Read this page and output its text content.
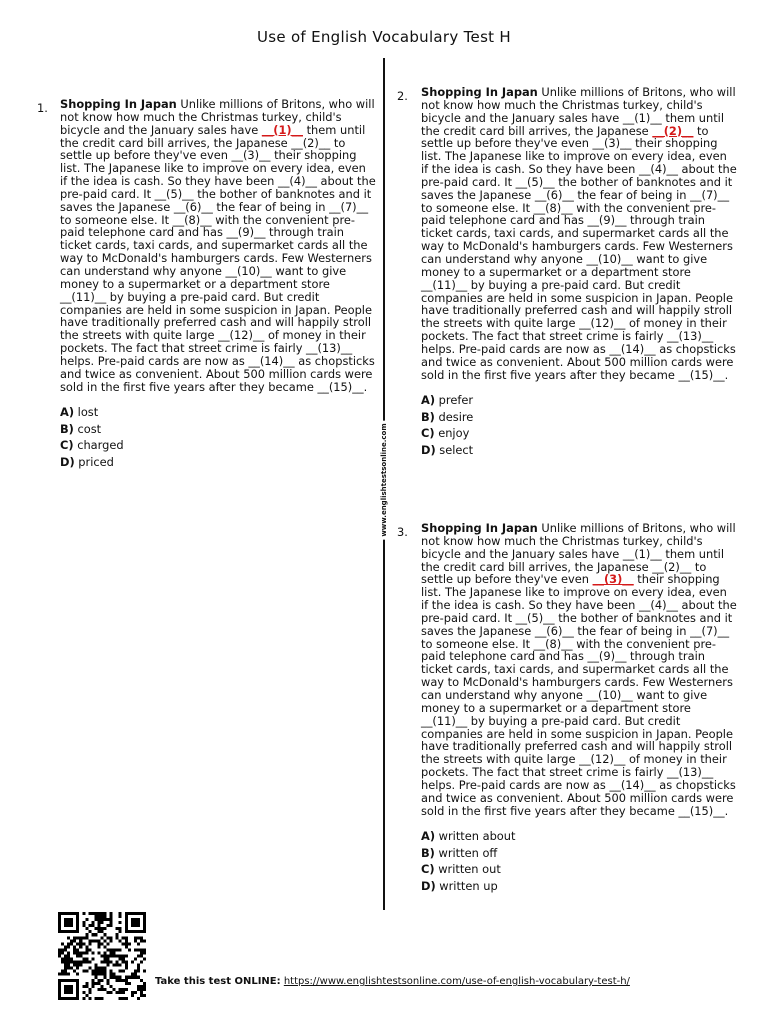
Use of English Vocabulary Test H
www.englishtestsonline.com
1. Shopping In Japan Unlike millions of Britons, who will not know how much the Christmas turkey, child's bicycle and the January sales have __(1)__ them until the credit card bill arrives, the Japanese __(2)__ to settle up before they've even __(3)__ their shopping list. The Japanese like to improve on every idea, even if the idea is cash. So they have been __(4)__ about the pre-paid card. It __(5)__ the bother of banknotes and it saves the Japanese __(6)__ the fear of being in __(7)__ to someone else. It __(8)__ with the convenient pre-paid telephone card and has __(9)__ through train ticket cards, taxi cards, and supermarket cards all the way to McDonald's hamburgers cards. Few Westerners can understand why anyone __(10)__ want to give money to a supermarket or a department store __(11)__ by buying a pre-paid card. But credit companies are held in some suspicion in Japan. People have traditionally preferred cash and will happily stroll the streets with quite large __(12)__ of money in their pockets. The fact that street crime is fairly __(13)__ helps. Pre-paid cards are now as __(14)__ as chopsticks and twice as convenient. About 500 million cards were sold in the first five years after they became __(15)__.

A) lost
B) cost
C) charged
D) priced
2. Shopping In Japan Unlike millions of Britons, who will not know how much the Christmas turkey, child's bicycle and the January sales have __(1)__ them until the credit card bill arrives, the Japanese __(2)__ to settle up before they've even __(3)__ their shopping list. The Japanese like to improve on every idea, even if the idea is cash. So they have been __(4)__ about the pre-paid card. It __(5)__ the bother of banknotes and it saves the Japanese __(6)__ the fear of being in __(7)__ to someone else. It __(8)__ with the convenient pre-paid telephone card and has __(9)__ through train ticket cards, taxi cards, and supermarket cards all the way to McDonald's hamburgers cards. Few Westerners can understand why anyone __(10)__ want to give money to a supermarket or a department store __(11)__ by buying a pre-paid card. But credit companies are held in some suspicion in Japan. People have traditionally preferred cash and will happily stroll the streets with quite large __(12)__ of money in their pockets. The fact that street crime is fairly __(13)__ helps. Pre-paid cards are now as __(14)__ as chopsticks and twice as convenient. About 500 million cards were sold in the first five years after they became __(15)__.

A) prefer
B) desire
C) enjoy
D) select
3. Shopping In Japan Unlike millions of Britons, who will not know how much the Christmas turkey, child's bicycle and the January sales have __(1)__ them until the credit card bill arrives, the Japanese __(2)__ to settle up before they've even __(3)__ their shopping list. The Japanese like to improve on every idea, even if the idea is cash. So they have been __(4)__ about the pre-paid card. It __(5)__ the bother of banknotes and it saves the Japanese __(6)__ the fear of being in __(7)__ to someone else. It __(8)__ with the convenient pre-paid telephone card and has __(9)__ through train ticket cards, taxi cards, and supermarket cards all the way to McDonald's hamburgers cards. Few Westerners can understand why anyone __(10)__ want to give money to a supermarket or a department store __(11)__ by buying a pre-paid card. But credit companies are held in some suspicion in Japan. People have traditionally preferred cash and will happily stroll the streets with quite large __(12)__ of money in their pockets. The fact that street crime is fairly __(13)__ helps. Pre-paid cards are now as __(14)__ as chopsticks and twice as convenient. About 500 million cards were sold in the first five years after they became __(15)__.

A) written about
B) written off
C) written out
D) written up
Take this test ONLINE: https://www.englishtestsonline.com/use-of-english-vocabulary-test-h/
